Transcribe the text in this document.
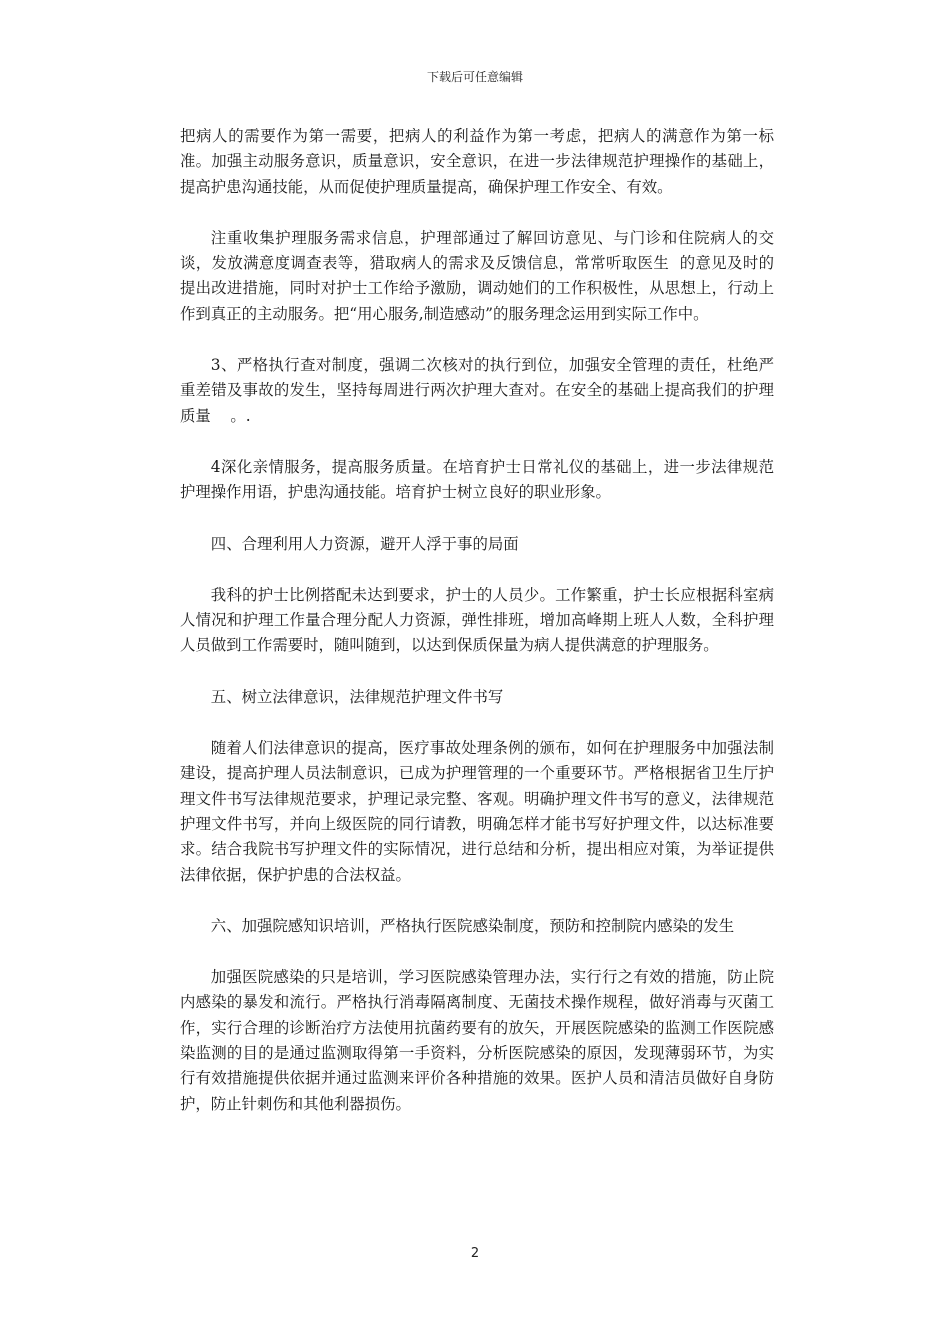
下载后可任意编辑

把病人的需要作为第一需要，把病人的利益作为第一考虑，把病人的满意作为第一标准。加强主动服务意识，质量意识，安全意识，在进一步法律规范护理操作的基础上，提高护患沟通技能，从而促使护理质量提高，确保护理工作安全、有效。

注重收集护理服务需求信息，护理部通过了解回访意见、与门诊和住院病人的交谈，发放满意度调查表等，猎取病人的需求及反馈信息，常常听取医生  的意见及时的提出改进措施，同时对护士工作给予激励，调动她们的工作积极性，从思想上，行动上作到真正的主动服务。把“用心服务,制造感动”的服务理念运用到实际工作中。

3、严格执行查对制度，强调二次核对的执行到位，加强安全管理的责任，杜绝严重差错及事故的发生，坚持每周进行两次护理大查对。在安全的基础上提高我们的护理质量    。.

4深化亲情服务，提高服务质量。在培育护士日常礼仪的基础上，进一步法律规范护理操作用语，护患沟通技能。培育护士树立良好的职业形象。

四、合理利用人力资源，避开人浮于事的局面

我科的护士比例搭配未达到要求，护士的人员少。工作繁重，护士长应根据科室病人情况和护理工作量合理分配人力资源，弹性排班，增加高峰期上班人人数，全科护理人员做到工作需要时，随叫随到，以达到保质保量为病人提供满意的护理服务。

五、树立法律意识，法律规范护理文件书写

随着人们法律意识的提高，医疗事故处理条例的颁布，如何在护理服务中加强法制建设，提高护理人员法制意识，已成为护理管理的一个重要环节。严格根据省卫生厅护理文件书写法律规范要求，护理记录完整、客观。明确护理文件书写的意义，法律规范护理文件书写，并向上级医院的同行请教，明确怎样才能书写好护理文件，以达标准要求。结合我院书写护理文件的实际情况，进行总结和分析，提出相应对策，为举证提供法律依据，保护护患的合法权益。

六、加强院感知识培训，严格执行医院感染制度，预防和控制院内感染的发生

加强医院感染的只是培训，学习医院感染管理办法，实行行之有效的措施，防止院内感染的暴发和流行。严格执行消毒隔离制度、无菌技术操作规程，做好消毒与灭菌工作，实行合理的诊断治疗方法使用抗菌药要有的放矢，开展医院感染的监测工作医院感染监测的目的是通过监测取得第一手资料，分析医院感染的原因，发现薄弱环节，为实行有效措施提供依据并通过监测来评价各种措施的效果。医护人员和清洁员做好自身防护，防止针刺伤和其他利器损伤。

2
